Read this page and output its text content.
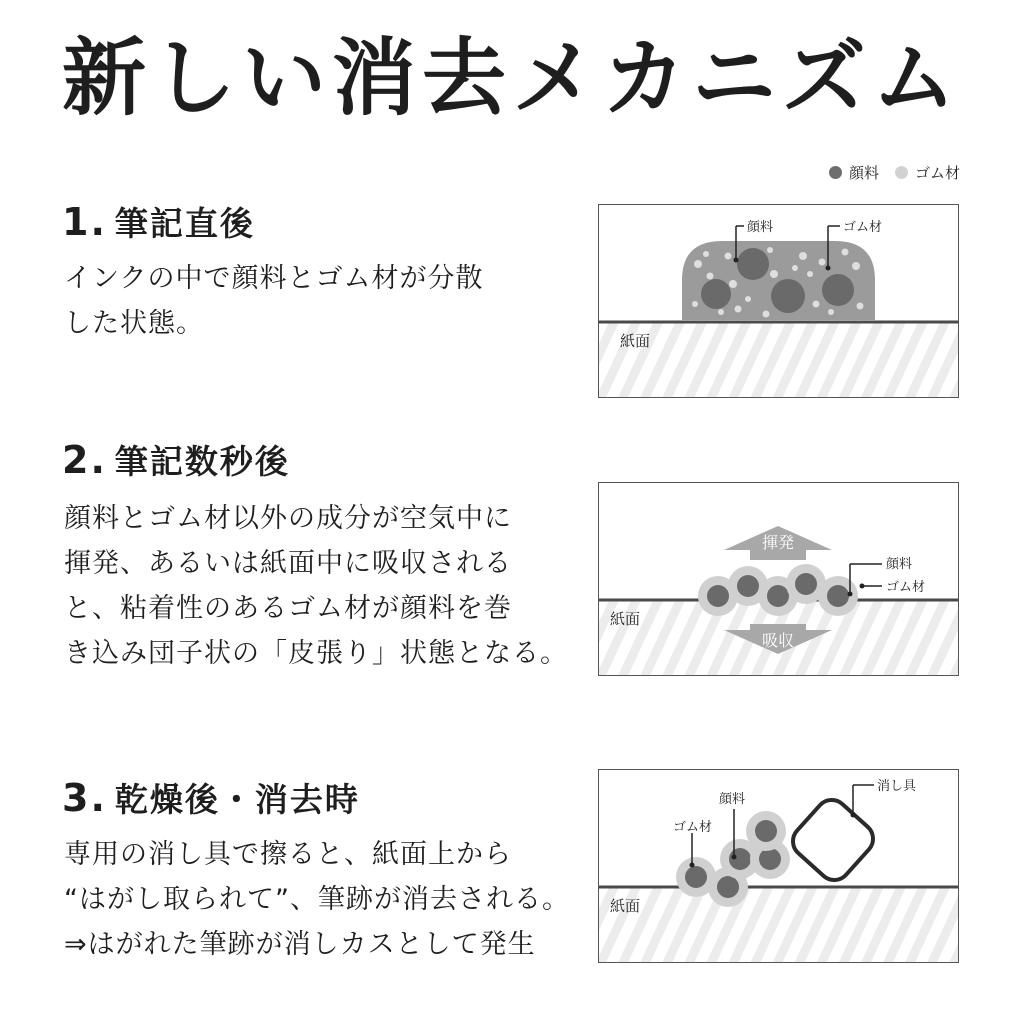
新しい消去メカニズム
顔料 ゴム材
1. 筆記直後

インクの中で顔料とゴム材が分散

した状態。

顔料	ゴム材
紙面
2. 筆記数秒後

顔料とゴム材以外の成分が空気中に

揮発、あるいは紙面中に吸収される

と、粘着性のあるゴム材が顔料を巻

き込み団子状の「皮張り」状態となる。

揮発
吸収
顔料
ゴム材
紙面
3. 乾燥後・消去時

専用の消し具で擦ると、紙面上から

“はがし取られて”、筆跡が消去される。

⇒はがれた筆跡が消しカスとして発生

顔料
ゴム材
消し具
紙面
